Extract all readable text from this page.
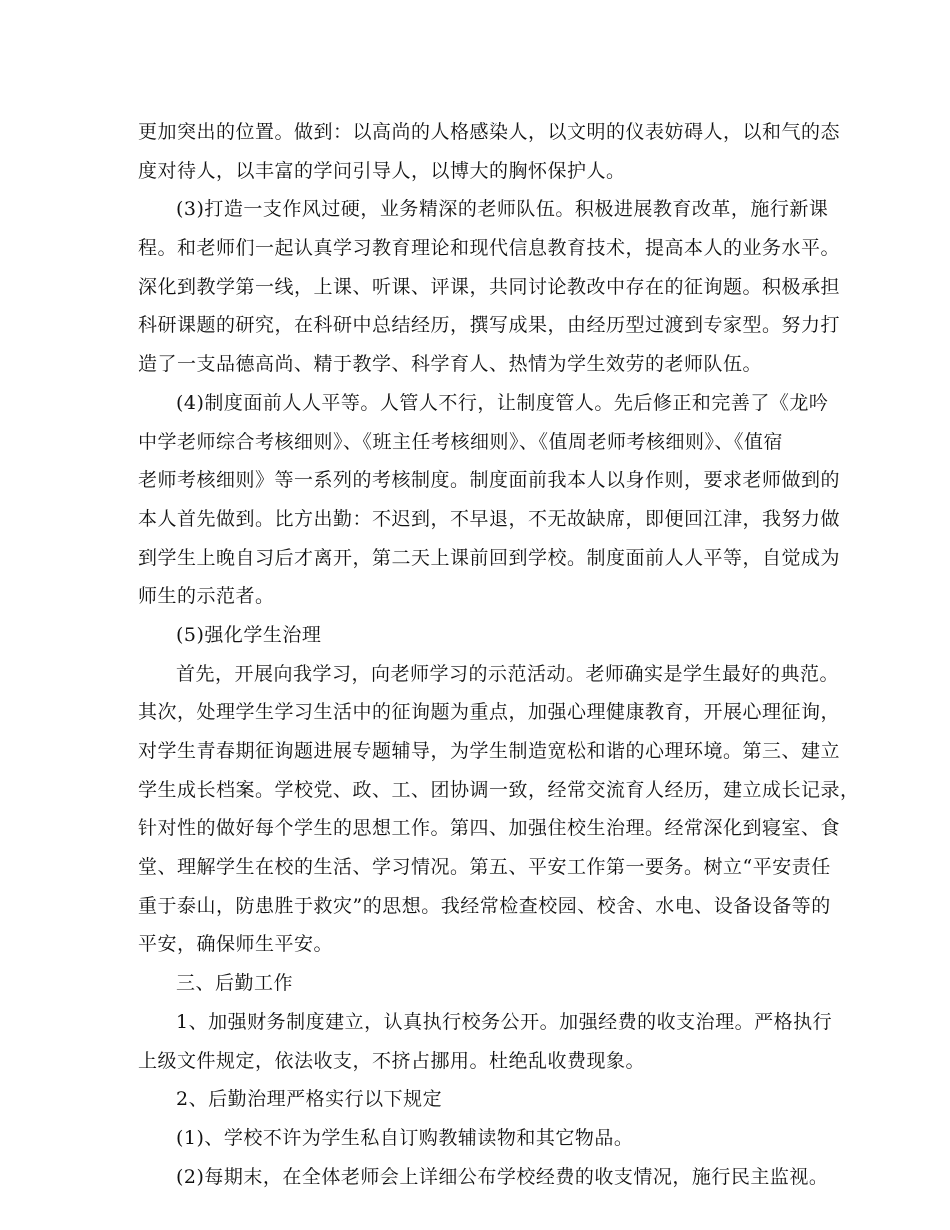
更加突出的位置。做到：以高尚的人格感染人，以文明的仪表妨碍人，以和气的态
度对待人，以丰富的学问引导人，以博大的胸怀保护人。
(3)打造一支作风过硬，业务精深的老师队伍。积极进展教育改革，施行新课
程。和老师们一起认真学习教育理论和现代信息教育技术，提高本人的业务水平。
深化到教学第一线，上课、听课、评课，共同讨论教改中存在的征询题。积极承担
科研课题的研究，在科研中总结经历，撰写成果，由经历型过渡到专家型。努力打
造了一支品德高尚、精于教学、科学育人、热情为学生效劳的老师队伍。
(4)制度面前人人平等。人管人不行，让制度管人。先后修正和完善了《龙吟
中学老师综合考核细则》、《班主任考核细则》、《值周老师考核细则》、《值宿
老师考核细则》等一系列的考核制度。制度面前我本人以身作则，要求老师做到的
本人首先做到。比方出勤：不迟到，不早退，不无故缺席，即便回江津，我努力做
到学生上晚自习后才离开，第二天上课前回到学校。制度面前人人平等，自觉成为
师生的示范者。
(5)强化学生治理
首先，开展向我学习，向老师学习的示范活动。老师确实是学生最好的典范。
其次，处理学生学习生活中的征询题为重点，加强心理健康教育，开展心理征询，
对学生青春期征询题进展专题辅导，为学生制造宽松和谐的心理环境。第三、建立
学生成长档案。学校党、政、工、团协调一致，经常交流育人经历，建立成长记录，
针对性的做好每个学生的思想工作。第四、加强住校生治理。经常深化到寝室、食
堂、理解学生在校的生活、学习情况。第五、平安工作第一要务。树立“平安责任
重于泰山，防患胜于救灾”的思想。我经常检查校园、校舍、水电、设备设备等的
平安，确保师生平安。
三、后勤工作
1、加强财务制度建立，认真执行校务公开。加强经费的收支治理。严格执行
上级文件规定，依法收支，不挤占挪用。杜绝乱收费现象。
2、后勤治理严格实行以下规定
(1)、学校不许为学生私自订购教辅读物和其它物品。
(2)每期末，在全体老师会上详细公布学校经费的收支情况，施行民主监视。
